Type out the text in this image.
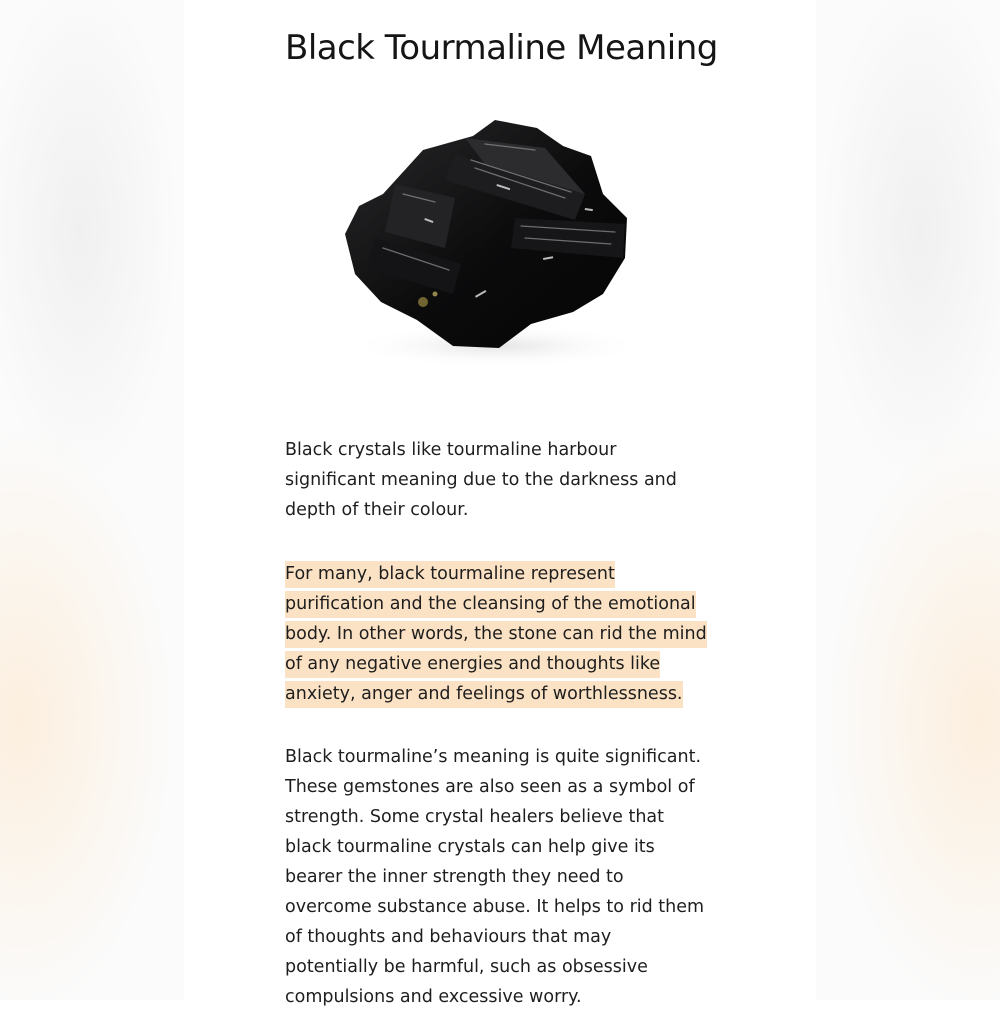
Black Tourmaline Meaning

Black crystals like tourmaline harbour significant meaning due to the darkness and depth of their colour.

For many, black tourmaline represent purification and the cleansing of the emotional body. In other words, the stone can rid the mind of any negative energies and thoughts like anxiety, anger and feelings of worthlessness.

Black tourmaline’s meaning is quite significant. These gemstones are also seen as a symbol of strength. Some crystal healers believe that black tourmaline crystals can help give its bearer the inner strength they need to overcome substance abuse. It helps to rid them of thoughts and behaviours that may potentially be harmful, such as obsessive compulsions and excessive worry.
